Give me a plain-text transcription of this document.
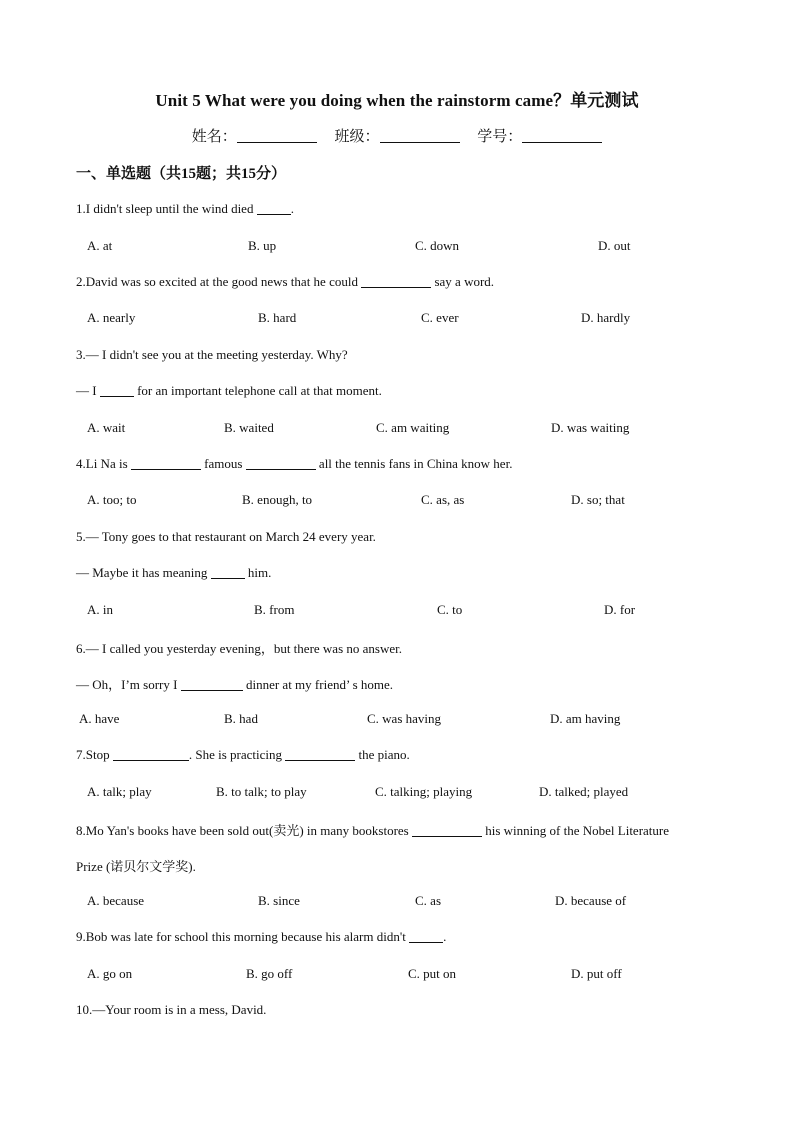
Unit 5 What were you doing when the rainstorm came？单元测试
姓名：	班级：	学号：
一、单选题（共15题；共15分）
1.I didn't sleep until the wind died	.
A. at	B. up	C. down	D. out
2.David was so excited at the good news that he could	say a word.
A. nearly	B. hard	C. ever	D. hardly
3.— I didn't see you at the meeting yesterday. Why?
— I	for an important telephone call at that moment.
A. wait	B. waited	C. am waiting	D. was waiting
4.Li Na is	famous	all the tennis fans in China know her.
A. too; to	B. enough, to	C. as, as	D. so; that
5.— Tony goes to that restaurant on March 24 every year.
— Maybe it has meaning	him.
A. in	B. from	C. to	D. for
6.— I called you yesterday evening，but there was no answer.
— Oh，I’m sorry I	dinner at my friend’ s home.
A. have	B. had	C. was having	D. am having
7.Stop	. She is practicing	the piano.
A. talk; play	B. to talk; to play	C. talking; playing	D. talked; played
8.Mo Yan's books have been sold out(卖光) in many bookstores	his winning of the Nobel Literature
Prize (诺贝尔文学奖).
A. because	B. since	C. as	D. because of
9.Bob was late for school this morning because his alarm didn't	.
A. go on	B. go off	C. put on	D. put off
10.—Your room is in a mess, David.
